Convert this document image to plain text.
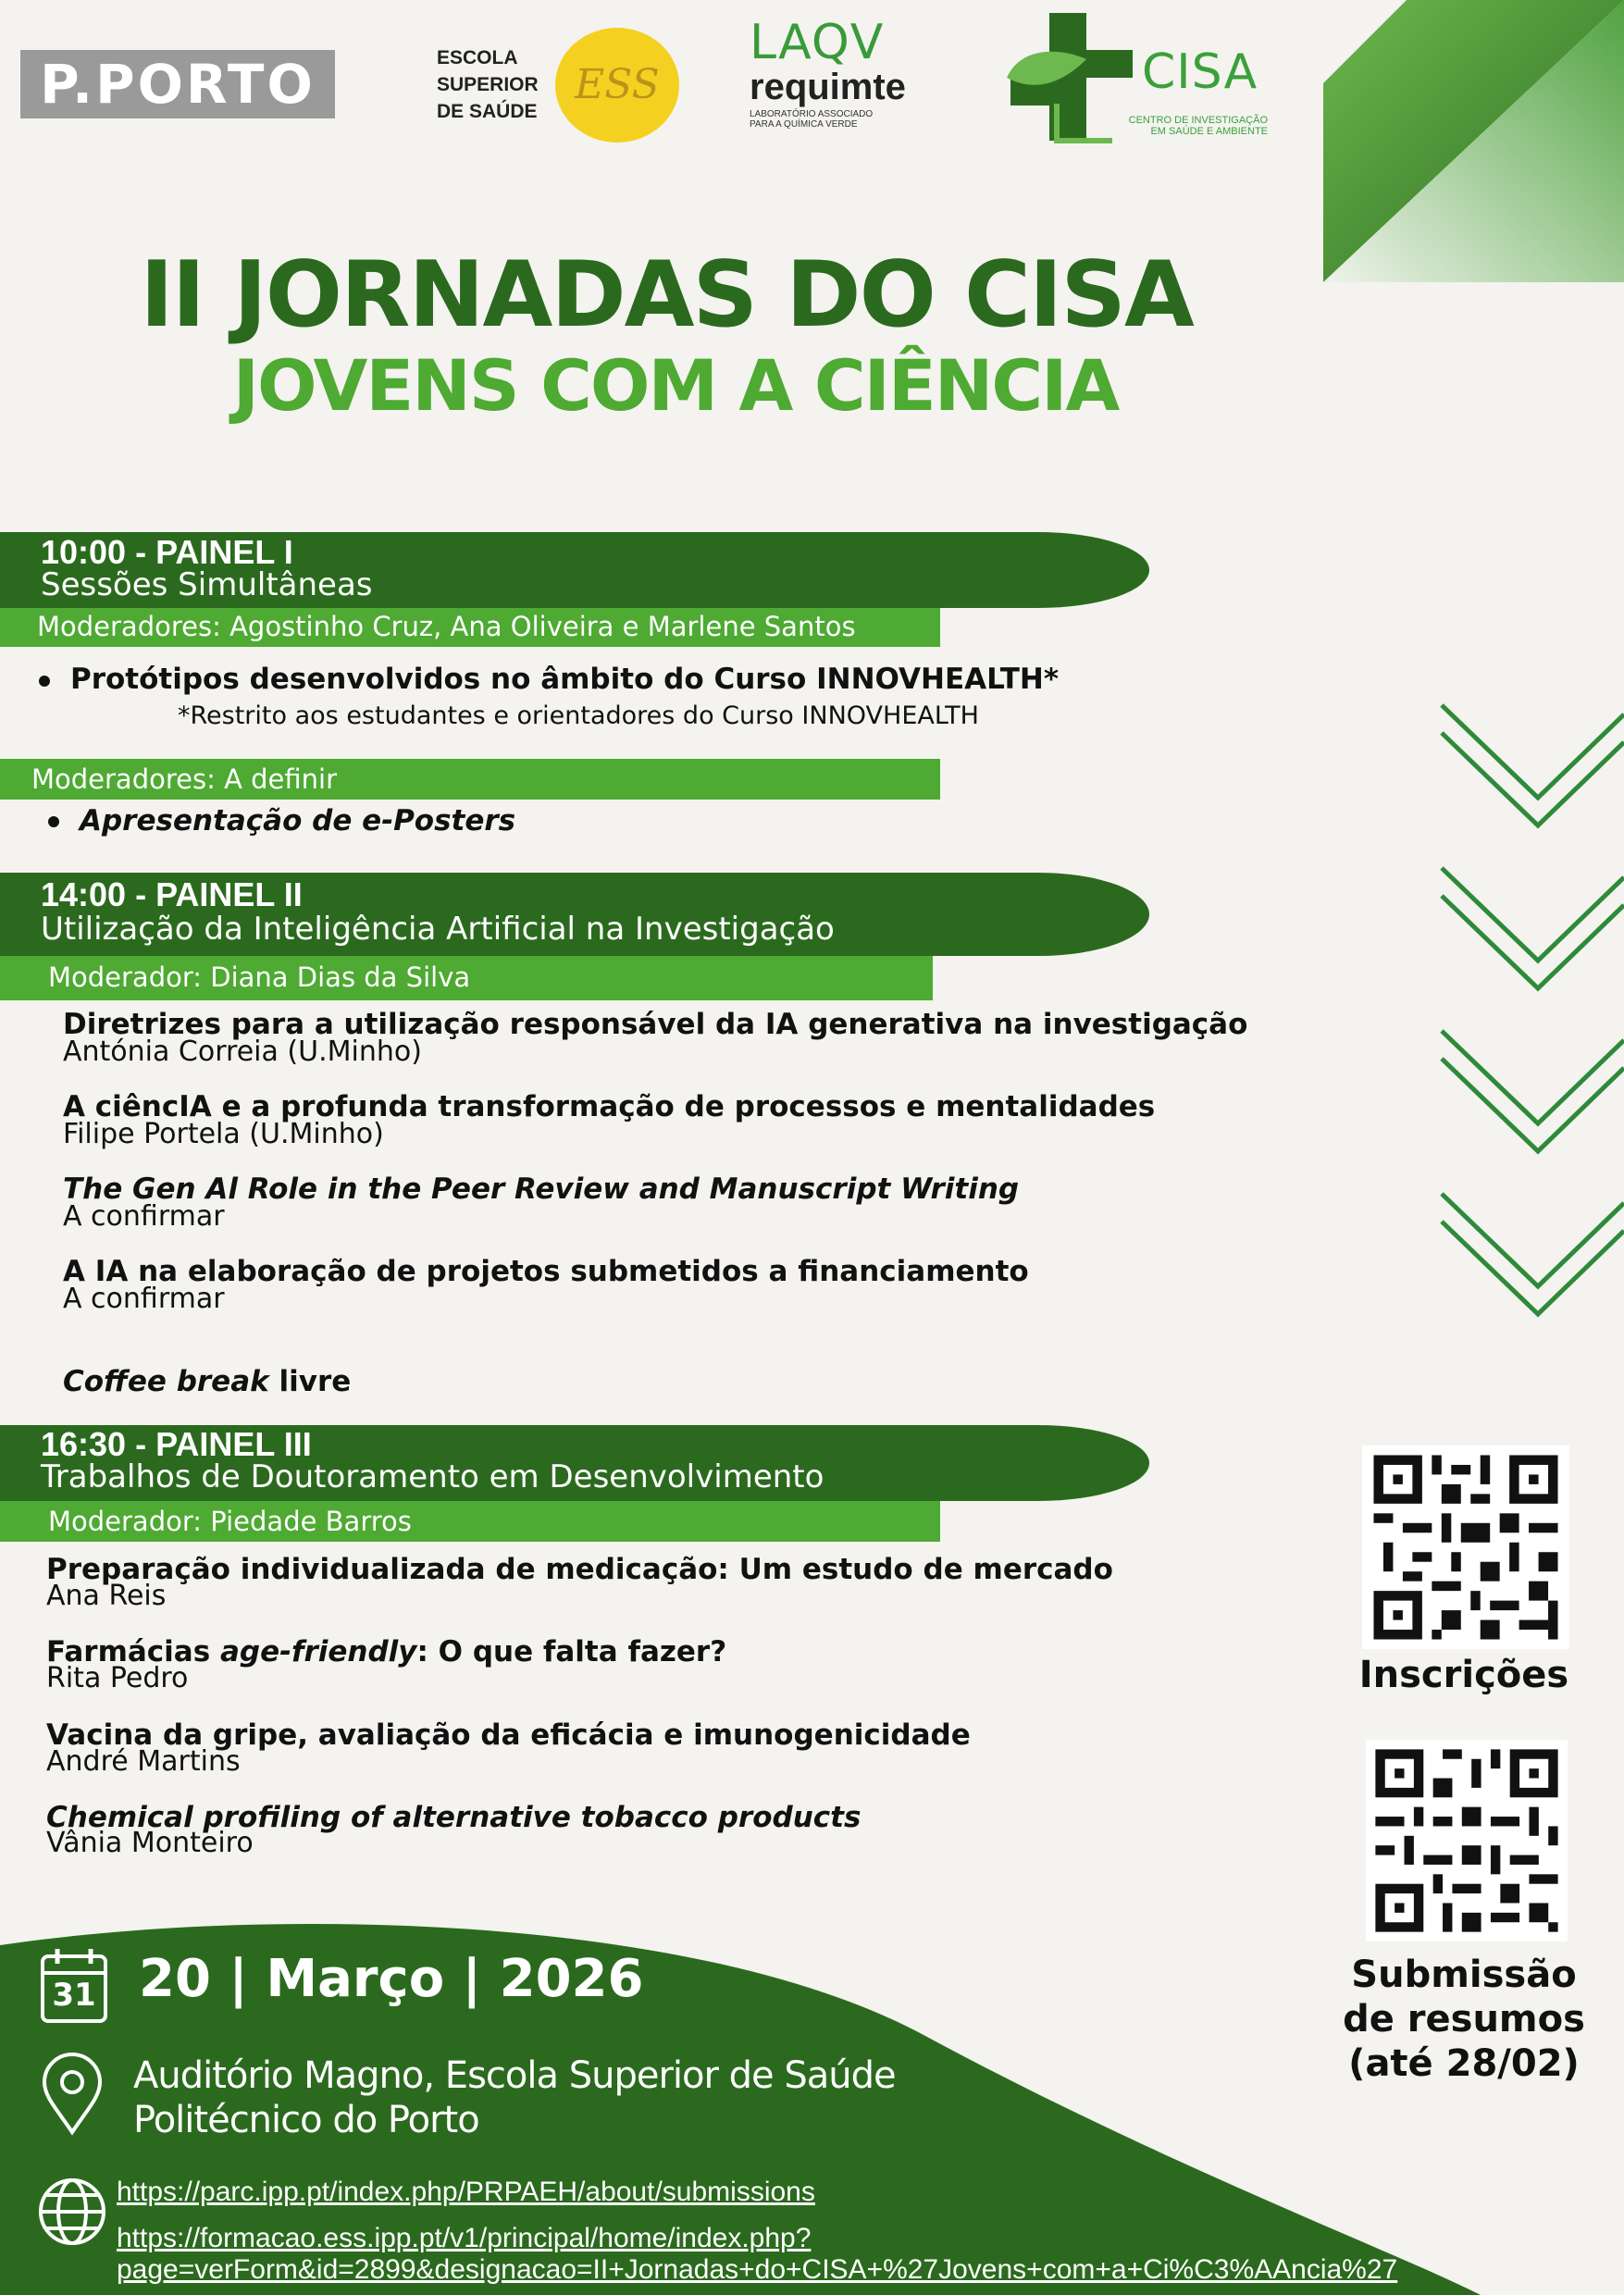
P.PORTO	ESCOLA
SUPERIOR
DE SAÚDE
ESS
LAQV
requimte
LABORATÓRIO ASSOCIADO
PARA A QUÍMICA VERDE
CISA
CENTRO DE INVESTIGAÇÃO
EM SAÚDE E AMBIENTE
II JORNADAS DO CISA
JOVENS COM A CIÊNCIA
10:00 - PAINEL I
Sessões Simultâneas
Moderadores: Agostinho Cruz, Ana Oliveira e Marlene Santos
Protótipos desenvolvidos no âmbito do Curso INNOVHEALTH*
*Restrito aos estudantes e orientadores do Curso INNOVHEALTH
Moderadores: A definir
Apresentação de e-Posters
14:00 - PAINEL II
Utilização da Inteligência Artificial na Investigação
Moderador: Diana Dias da Silva
Diretrizes para a utilização responsável da IA generativa na investigação
Antónia Correia (U.Minho)
A ciêncIA e a profunda transformação de processos e mentalidades
Filipe Portela (U.Minho)
The Gen Al Role in the Peer Review and Manuscript Writing
A confirmar
A IA na elaboração de projetos submetidos a financiamento
A confirmar
Coffee break livre
16:30 - PAINEL III
Trabalhos de Doutoramento em Desenvolvimento
Moderador: Piedade Barros
Preparação individualizada de medicação: Um estudo de mercado
Ana Reis
Farmácias age-friendly: O que falta fazer?
Rita Pedro
Vacina da gripe, avaliação da eficácia e imunogenicidade
André Martins
Chemical profiling of alternative tobacco products
Vânia Monteiro
Inscrições
Submissão
de resumos
(até 28/02)
31 20 | Março | 2026
Auditório Magno, Escola Superior de Saúde
Politécnico do Porto
https://parc.ipp.pt/index.php/PRPAEH/about/submissions
https://formacao.ess.ipp.pt/v1/principal/home/index.php?
page=verForm&id=2899&designacao=II+Jornadas+do+CISA+%27Jovens+com+a+Ci%C3%AAncia%27
